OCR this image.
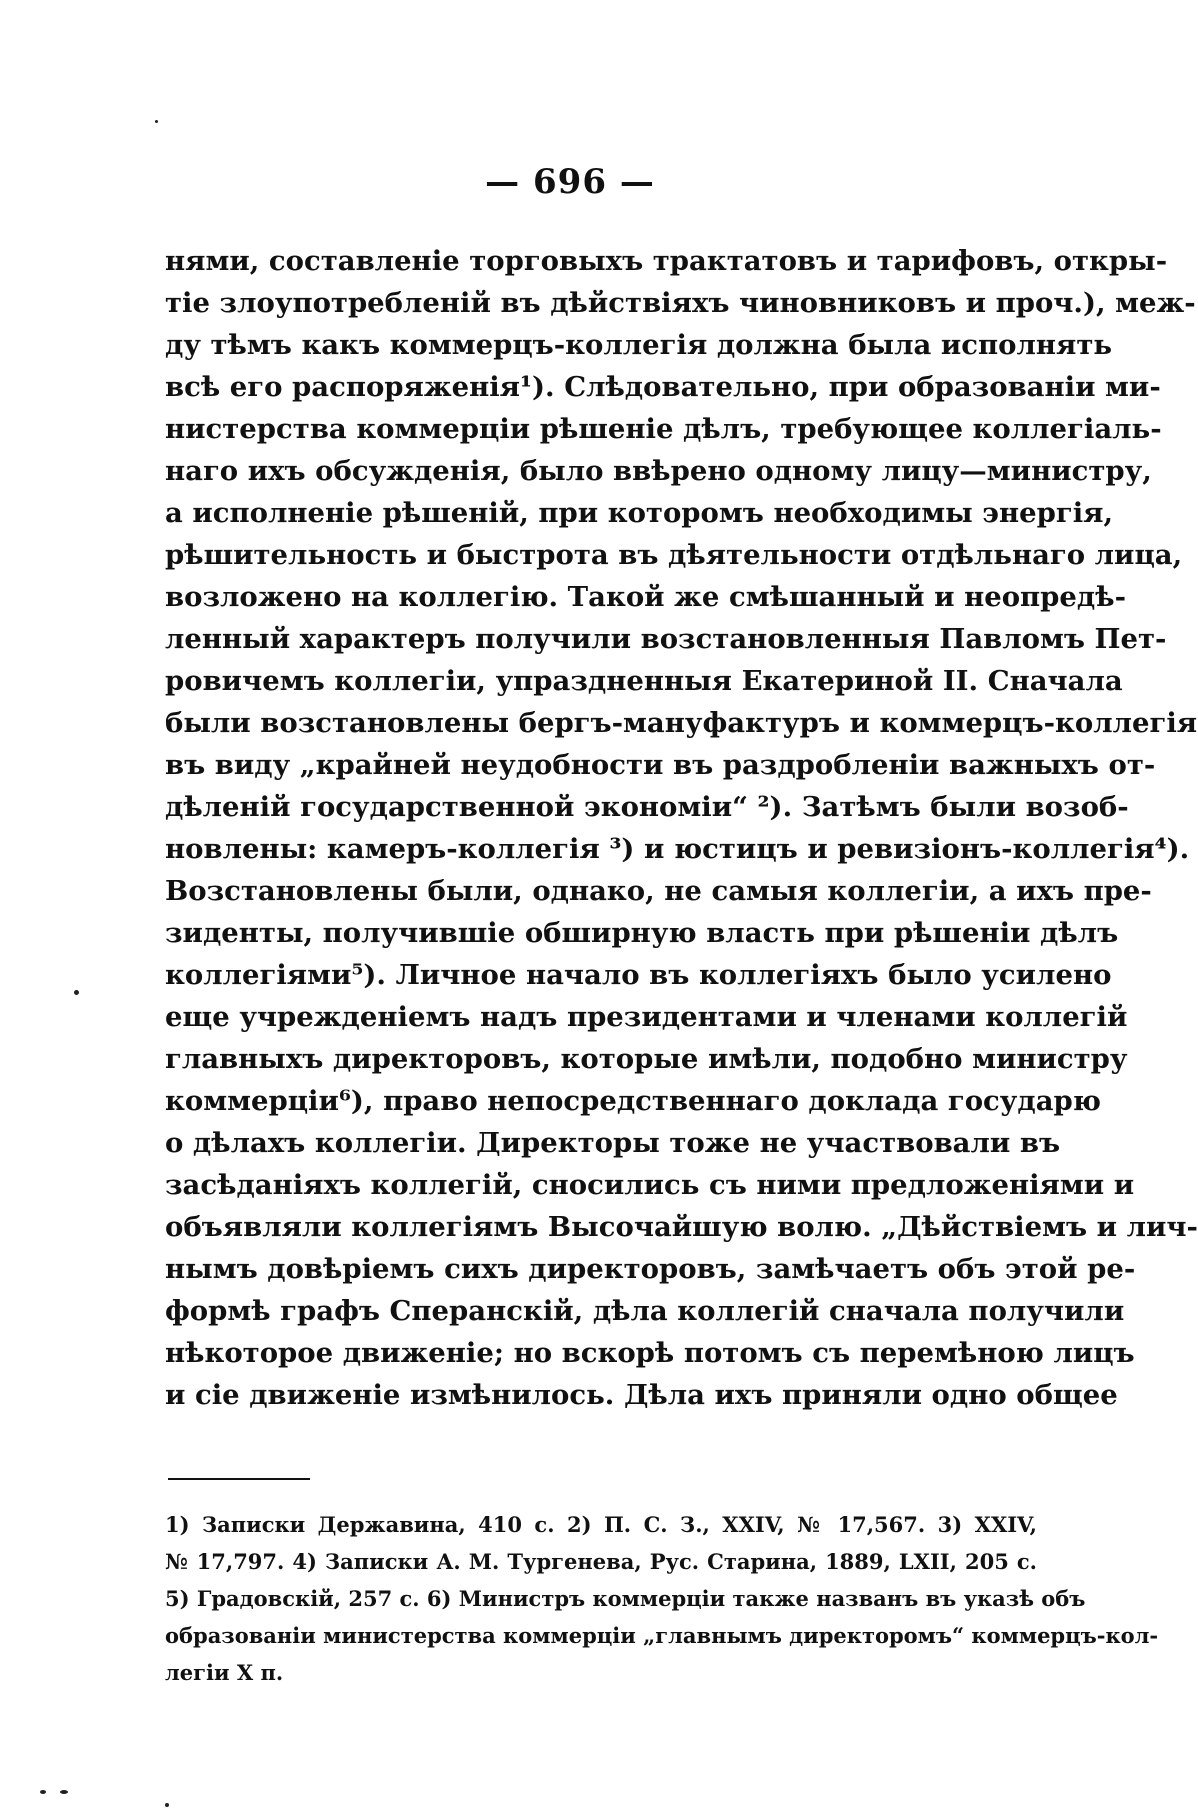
— 696 —
нями, составленіе торговыхъ трактатовъ и тарифовъ, откры-
тіе злоупотребленій въ дѣйствіяхъ чиновниковъ и проч.), меж-
ду тѣмъ какъ коммерцъ-коллегія должна была исполнять
всѣ его распоряженія¹). Слѣдовательно, при образованіи ми-
нистерства коммерціи рѣшеніе дѣлъ, требующее коллегіаль-
наго ихъ обсужденія, было ввѣрено одному лицу—министру,
а исполненіе рѣшеній, при которомъ необходимы энергія,
рѣшительность и быстрота въ дѣятельности отдѣльнаго лица,
возложено на коллегію. Такой же смѣшанный и неопредѣ-
ленный характеръ получили возстановленныя Павломъ Пет-
ровичемъ коллегіи, упраздненныя Екатериной II. Сначала
были возстановлены бергъ-мануфактуръ и коммерцъ-коллегія
въ виду „крайней неудобности въ раздробленіи важныхъ от-
дѣленій государственной экономіи“ ²). Затѣмъ были возоб-
новлены: камеръ-коллегія ³) и юстицъ и ревизіонъ-коллегія⁴).
Возстановлены были, однако, не самыя коллегіи, а ихъ пре-
зиденты, получившіе обширную власть при рѣшеніи дѣлъ
коллегіями⁵). Личное начало въ коллегіяхъ было усилено
еще учрежденіемъ надъ президентами и членами коллегій
главныхъ директоровъ, которые имѣли, подобно министру
коммерціи⁶), право непосредственнаго доклада государю
о дѣлахъ коллегіи. Директоры тоже не участвовали въ
засѣданіяхъ коллегій, сносились съ ними предложеніями и
объявляли коллегіямъ Высочайшую волю. „Дѣйствіемъ и лич-
нымъ довѣріемъ сихъ директоровъ, замѣчаетъ объ этой ре-
формѣ графъ Сперанскій, дѣла коллегій сначала получили
нѣкоторое движеніе; но вскорѣ потомъ съ перемѣною лицъ
и сіе движеніе измѣнилось. Дѣла ихъ приняли одно общее
1) Записки Державина, 410 с. 2) П. С. З., XXIV, № 17,567. 3) XXIV,
№ 17,797. 4) Записки А. М. Тургенева, Рус. Старина, 1889, LXII, 205 с.
5) Градовскій, 257 с. 6) Министръ коммерціи также названъ въ указѣ объ
образованіи министерства коммерціи „главнымъ директоромъ“ коммерцъ-кол-
легіи Х п.
